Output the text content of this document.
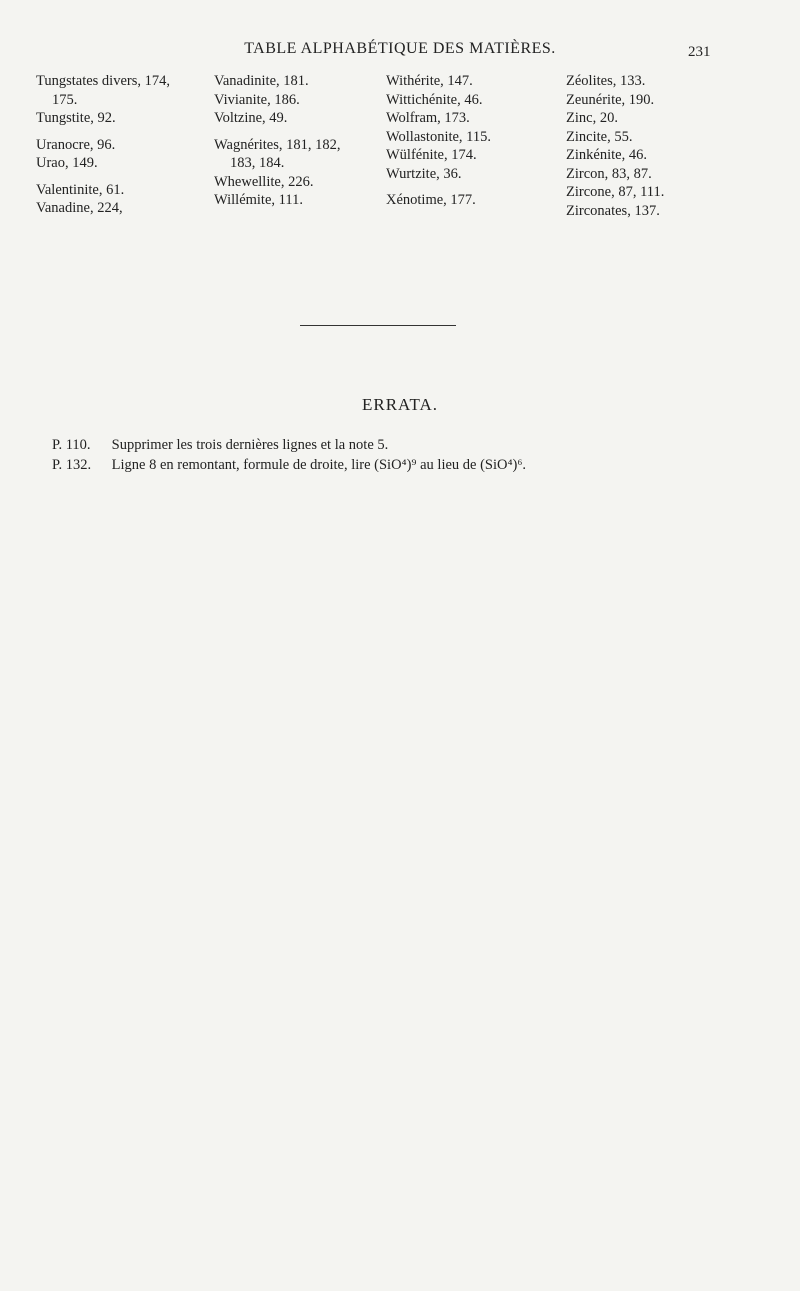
TABLE ALPHABÉTIQUE DES MATIÈRES.	231
Tungstates divers, 174,
175.
Tungstite, 92.
Uranocre, 96.
Urao, 149.
Valentinite, 61.
Vanadine, 224,
Vanadinite, 181.
Vivianite, 186.
Voltzine, 49.
Wagnérites, 181, 182,
183, 184.
Whewellite, 226.
Willémite, 111.
Withérite, 147.
Wittichénite, 46.
Wolfram, 173.
Wollastonite, 115.
Wülfénite, 174.
Wurtzite, 36.
Xénotime, 177.
Zéolites, 133.
Zeunérite, 190.
Zinc, 20.
Zincite, 55.
Zinkénite, 46.
Zircon, 83, 87.
Zircone, 87, 111.
Zirconates, 137.
ERRATA.
P. 110. Supprimer les trois dernières lignes et la note 5.
P. 132. Ligne 8 en remontant, formule de droite, lire (SiO⁴)⁹ au lieu de (SiO⁴)⁶.
